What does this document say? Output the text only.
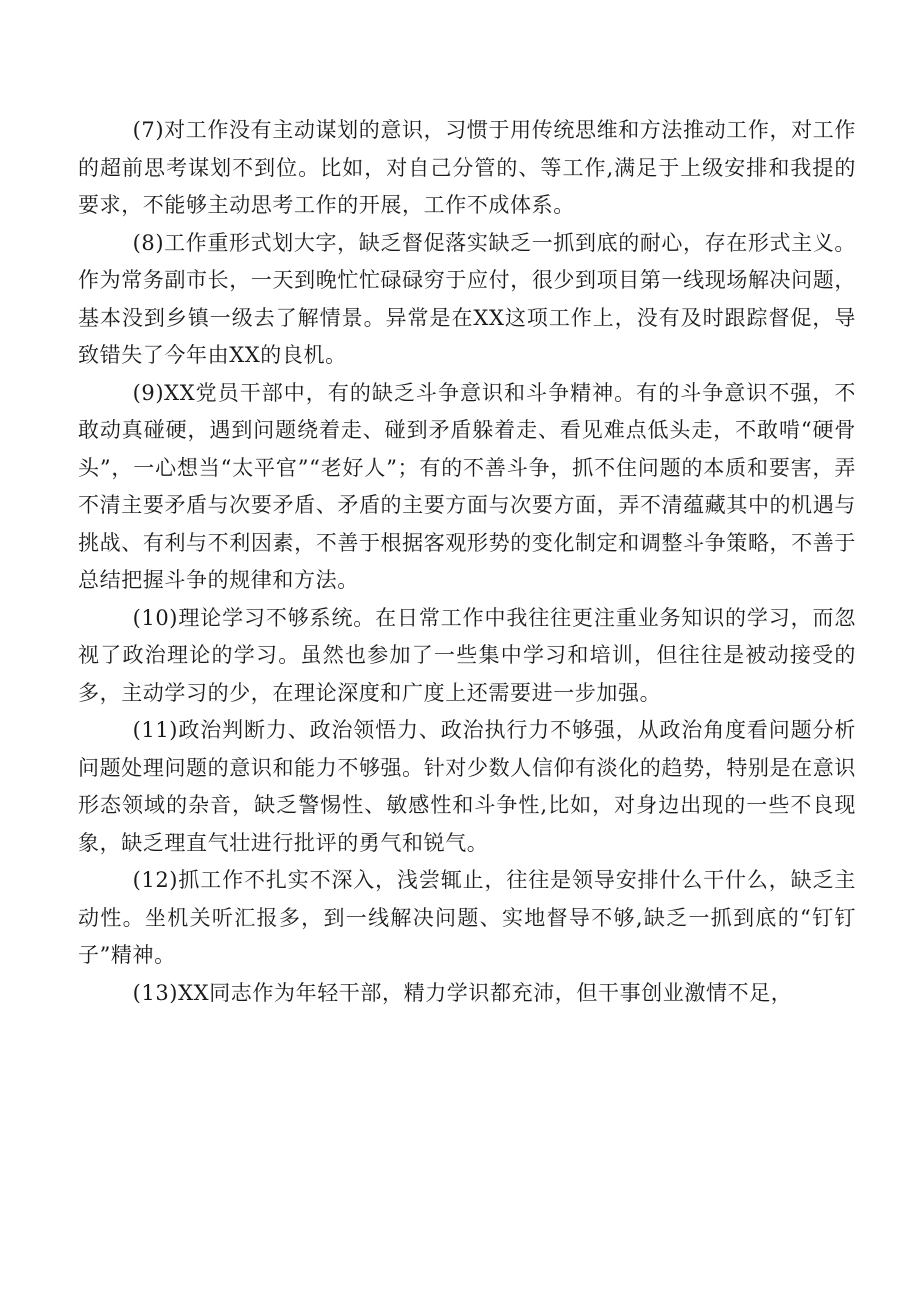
(7)对工作没有主动谋划的意识，习惯于用传统思维和方法推动工作，对工作的超前思考谋划不到位。比如，对自己分管的、等工作,满足于上级安排和我提的要求，不能够主动思考工作的开展，工作不成体系。

(8)工作重形式划大字，缺乏督促落实缺乏一抓到底的耐心，存在形式主义。作为常务副市长，一天到晚忙忙碌碌穷于应付，很少到项目第一线现场解决问题，基本没到乡镇一级去了解情景。异常是在XX这项工作上，没有及时跟踪督促，导致错失了今年由XX的良机。

(9)XX党员干部中，有的缺乏斗争意识和斗争精神。有的斗争意识不强，不敢动真碰硬，遇到问题绕着走、碰到矛盾躲着走、看见难点低头走，不敢啃“硬骨头”，一心想当“太平官”“老好人”；有的不善斗争，抓不住问题的本质和要害，弄不清主要矛盾与次要矛盾、矛盾的主要方面与次要方面，弄不清蕴藏其中的机遇与挑战、有利与不利因素，不善于根据客观形势的变化制定和调整斗争策略，不善于总结把握斗争的规律和方法。

(10)理论学习不够系统。在日常工作中我往往更注重业务知识的学习，而忽视了政治理论的学习。虽然也参加了一些集中学习和培训，但往往是被动接受的多，主动学习的少，在理论深度和广度上还需要进一步加强。

(11)政治判断力、政治领悟力、政治执行力不够强，从政治角度看问题分析问题处理问题的意识和能力不够强。针对少数人信仰有淡化的趋势，特别是在意识形态领域的杂音，缺乏警惕性、敏感性和斗争性,比如，对身边出现的一些不良现象，缺乏理直气壮进行批评的勇气和锐气。

(12)抓工作不扎实不深入，浅尝辄止，往往是领导安排什么干什么，缺乏主动性。坐机关听汇报多，到一线解决问题、实地督导不够,缺乏一抓到底的“钉钉子”精神。

(13)XX同志作为年轻干部，精力学识都充沛，但干事创业激情不足，
